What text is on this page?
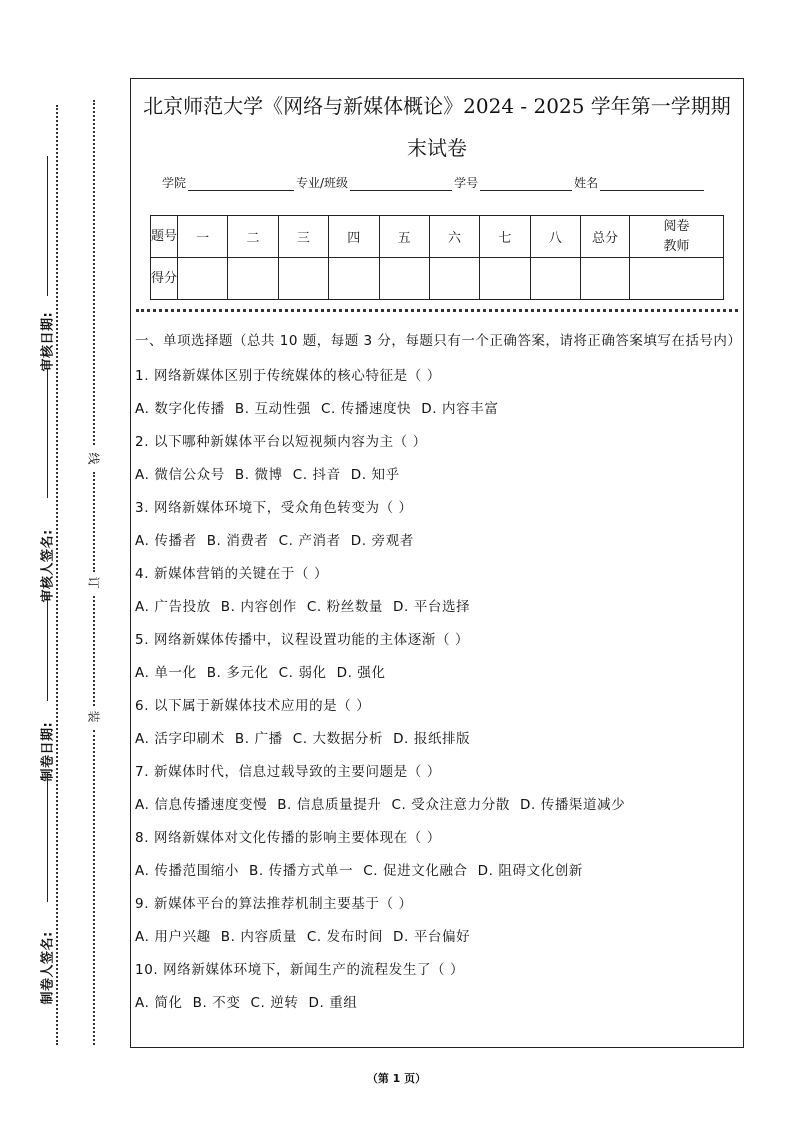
审核日期:
审核人签名:
制卷日期:
制卷人签名:
线
订
装
北京师范大学《网络与新媒体概论》2024 - 2025 学年第一学期期
末试卷
学院	专业/班级	学号	姓名
题号	一	二	三	四	五	六	七	八	总分	阅卷教师
得分										
一、单项选择题（总共 10 题，每题 3 分，每题只有一个正确答案，请将正确答案填写在括号内）
1. 网络新媒体区别于传统媒体的核心特征是（ ）
A. 数字化传播 B. 互动性强 C. 传播速度快 D. 内容丰富
2. 以下哪种新媒体平台以短视频内容为主（ ）
A. 微信公众号 B. 微博 C. 抖音 D. 知乎
3. 网络新媒体环境下，受众角色转变为（ ）
A. 传播者 B. 消费者 C. 产消者 D. 旁观者
4. 新媒体营销的关键在于（ ）
A. 广告投放 B. 内容创作 C. 粉丝数量 D. 平台选择
5. 网络新媒体传播中，议程设置功能的主体逐渐（ ）
A. 单一化 B. 多元化 C. 弱化 D. 强化
6. 以下属于新媒体技术应用的是（ ）
A. 活字印刷术 B. 广播 C. 大数据分析 D. 报纸排版
7. 新媒体时代，信息过载导致的主要问题是（ ）
A. 信息传播速度变慢 B. 信息质量提升 C. 受众注意力分散 D. 传播渠道减少
8. 网络新媒体对文化传播的影响主要体现在（ ）
A. 传播范围缩小 B. 传播方式单一 C. 促进文化融合 D. 阻碍文化创新
9. 新媒体平台的算法推荐机制主要基于（ ）
A. 用户兴趣 B. 内容质量 C. 发布时间 D. 平台偏好
10. 网络新媒体环境下，新闻生产的流程发生了（ ）
A. 简化 B. 不变 C. 逆转 D. 重组
（第 1 页）
